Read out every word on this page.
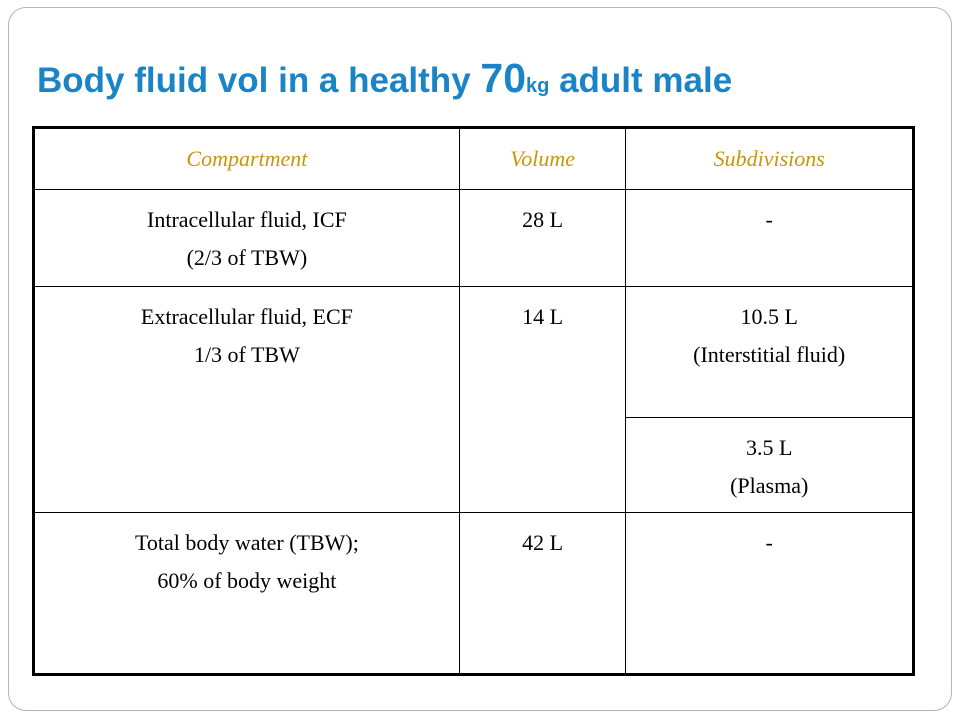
Body fluid vol in a healthy 70kg adult male
Compartment	Volume	Subdivisions

Intracellular fluid, ICF
(2/3 of TBW)	28 L	-

Extracellular fluid, ECF
1/3 of TBW	14 L	10.5 L
(Interstitial fluid)

		3.5 L
(Plasma)

Total body water (TBW);
60% of body weight	42 L	-
